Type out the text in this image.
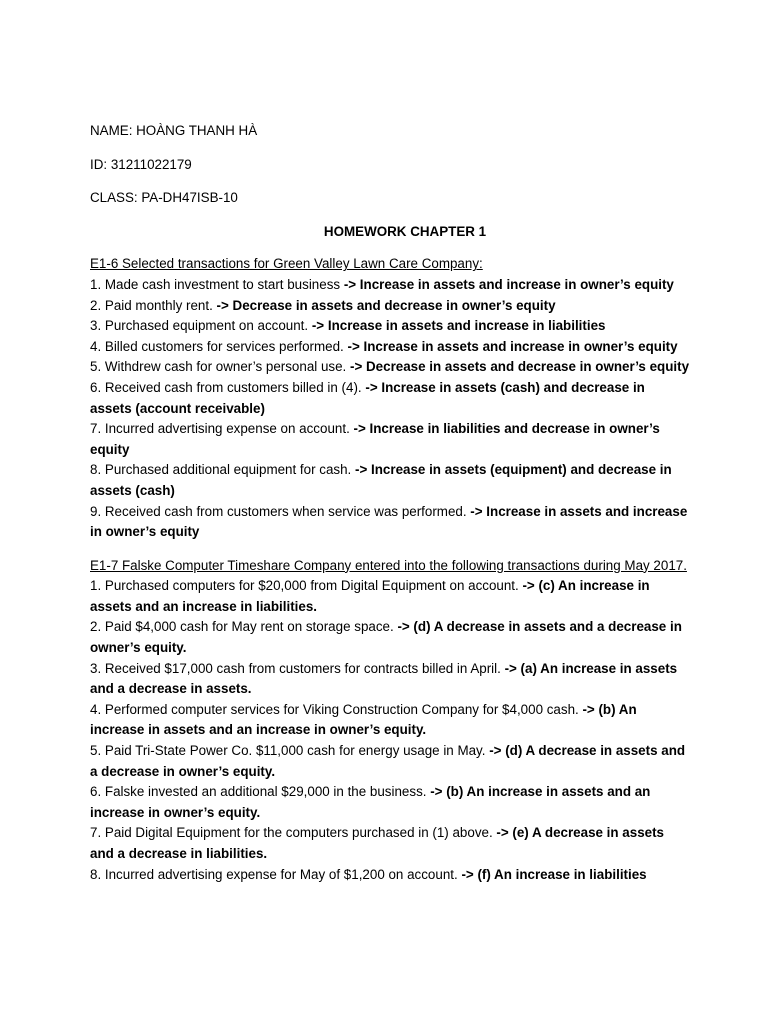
NAME: HOÀNG THANH HÀ

ID: 31211022179

CLASS: PA-DH47ISB-10

HOMEWORK CHAPTER 1

E1-6 Selected transactions for Green Valley Lawn Care Company:

1. Made cash investment to start business -> Increase in assets and increase in owner’s equity

2. Paid monthly rent. -> Decrease in assets and decrease in owner’s equity

3. Purchased equipment on account. -> Increase in assets and increase in liabilities

4. Billed customers for services performed. -> Increase in assets and increase in owner’s equity

5. Withdrew cash for owner’s personal use. -> Decrease in assets and decrease in owner’s equity

6. Received cash from customers billed in (4). -> Increase in assets (cash) and decrease in assets (account receivable)

7. Incurred advertising expense on account. -> Increase in liabilities and decrease in owner’s equity

8. Purchased additional equipment for cash. -> Increase in assets (equipment) and decrease in assets (cash)

9. Received cash from customers when service was performed. -> Increase in assets and increase in owner’s equity

E1-7 Falske Computer Timeshare Company entered into the following transactions during May 2017.

1. Purchased computers for $20,000 from Digital Equipment on account. -> (c) An increase in assets and an increase in liabilities.

2. Paid $4,000 cash for May rent on storage space. -> (d) A decrease in assets and a decrease in owner’s equity.

3. Received $17,000 cash from customers for contracts billed in April. -> (a) An increase in assets and a decrease in assets.

4. Performed computer services for Viking Construction Company for $4,000 cash. -> (b) An increase in assets and an increase in owner’s equity.

5. Paid Tri-State Power Co. $11,000 cash for energy usage in May. -> (d) A decrease in assets and a decrease in owner’s equity.

6. Falske invested an additional $29,000 in the business. -> (b) An increase in assets and an increase in owner’s equity.

7. Paid Digital Equipment for the computers purchased in (1) above. -> (e) A decrease in assets and a decrease in liabilities.

8. Incurred advertising expense for May of $1,200 on account. -> (f) An increase in liabilities
